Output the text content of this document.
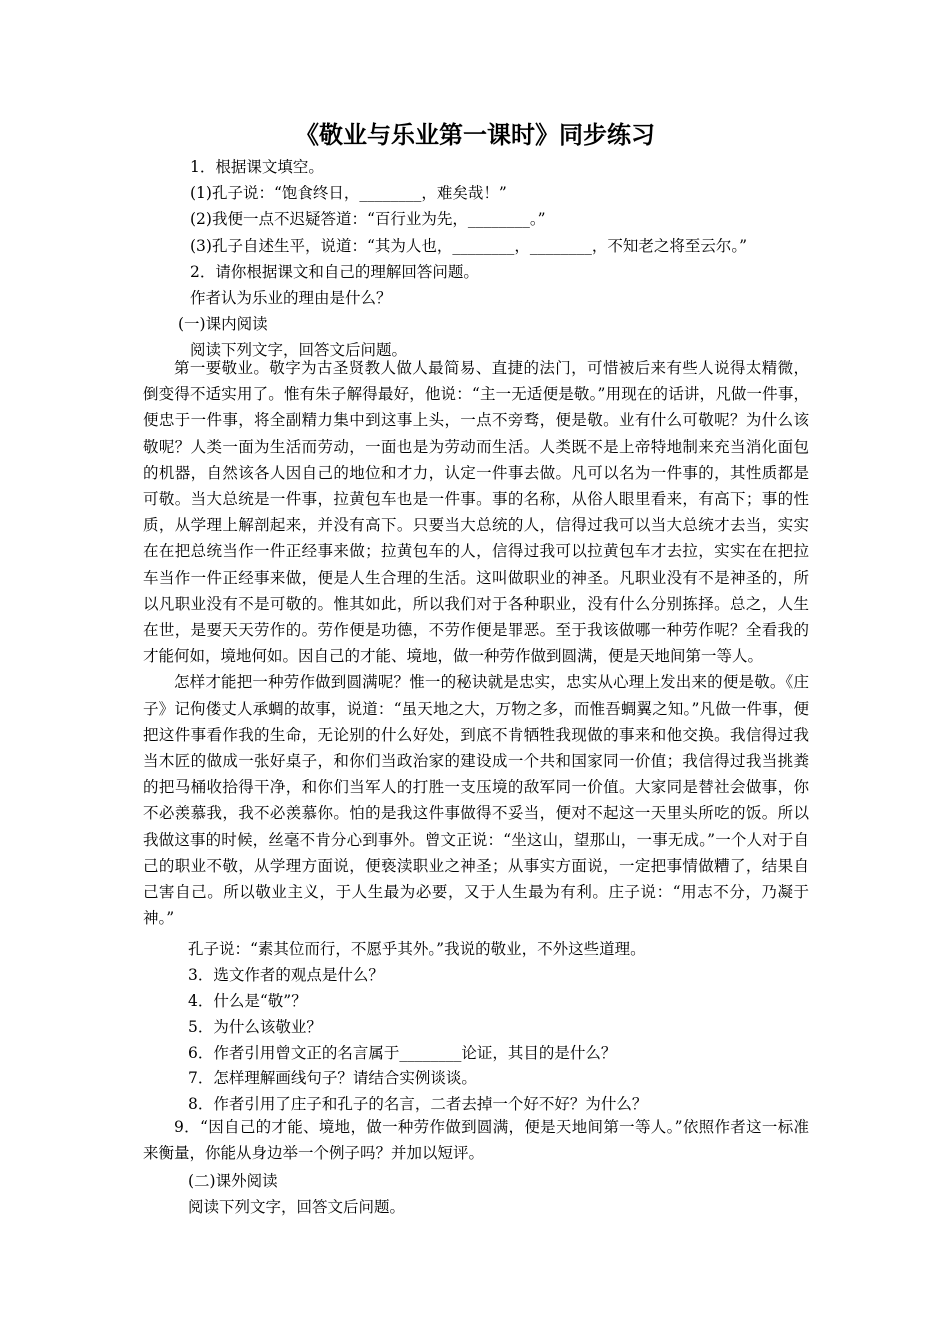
《敬业与乐业第一课时》同步练习
1．根据课文填空。
(1)孔子说：“饱食终日，________，难矣哉！”
(2)我便一点不迟疑答道：“百行业为先，________。”
(3)孔子自述生平，说道：“其为人也，________，________，不知老之将至云尔。”
2．请你根据课文和自己的理解回答问题。
作者认为乐业的理由是什么？
(一)课内阅读
阅读下列文字，回答文后问题。

第一要敬业。敬字为古圣贤教人做人最简易、直捷的法门，可惜被后来有些人说得太精微，倒变得不适实用了。惟有朱子解得最好，他说：“主一无适便是敬。”用现在的话讲，凡做一件事，便忠于一件事，将全副精力集中到这事上头，一点不旁骛，便是敬。业有什么可敬呢？为什么该敬呢？人类一面为生活而劳动，一面也是为劳动而生活。人类既不是上帝特地制来充当消化面包的机器，自然该各人因自己的地位和才力，认定一件事去做。凡可以名为一件事的，其性质都是可敬。当大总统是一件事，拉黄包车也是一件事。事的名称，从俗人眼里看来，有高下；事的性质，从学理上解剖起来，并没有高下。只要当大总统的人，信得过我可以当大总统才去当，实实在在把总统当作一件正经事来做；拉黄包车的人，信得过我可以拉黄包车才去拉，实实在在把拉车当作一件正经事来做，便是人生合理的生活。这叫做职业的神圣。凡职业没有不是神圣的，所以凡职业没有不是可敬的。惟其如此，所以我们对于各种职业，没有什么分别拣择。总之，人生在世，是要天天劳作的。劳作便是功德，不劳作便是罪恶。至于我该做哪一种劳作呢？全看我的才能何如，境地何如。因自己的才能、境地，做一种劳作做到圆满，便是天地间第一等人。

怎样才能把一种劳作做到圆满呢？惟一的秘诀就是忠实，忠实从心理上发出来的便是敬。《庄子》记佝偻丈人承蜩的故事，说道：“虽天地之大，万物之多，而惟吾蜩翼之知。”凡做一件事，便把这件事看作我的生命，无论别的什么好处，到底不肯牺牲我现做的事来和他交换。我信得过我当木匠的做成一张好桌子，和你们当政治家的建设成一个共和国家同一价值；我信得过我当挑粪的把马桶收拾得干净，和你们当军人的打胜一支压境的敌军同一价值。大家同是替社会做事，你不必羡慕我，我不必羡慕你。怕的是我这件事做得不妥当，便对不起这一天里头所吃的饭。所以我做这事的时候，丝毫不肯分心到事外。曾文正说：“坐这山，望那山，一事无成。”一个人对于自己的职业不敬，从学理方面说，便亵渎职业之神圣；从事实方面说，一定把事情做糟了，结果自己害自己。所以敬业主义，于人生最为必要，又于人生最为有利。庄子说：“用志不分，乃凝于神。”

孔子说：“素其位而行，不愿乎其外。”我说的敬业，不外这些道理。
3．选文作者的观点是什么？
4．什么是“敬”？
5．为什么该敬业？
6．作者引用曾文正的名言属于________论证，其目的是什么？
7．怎样理解画线句子？请结合实例谈谈。
8．作者引用了庄子和孔子的名言，二者去掉一个好不好？为什么？

9．“因自己的才能、境地，做一种劳作做到圆满，便是天地间第一等人。”依照作者这一标准来衡量，你能从身边举一个例子吗？并加以短评。

(二)课外阅读
阅读下列文字，回答文后问题。
